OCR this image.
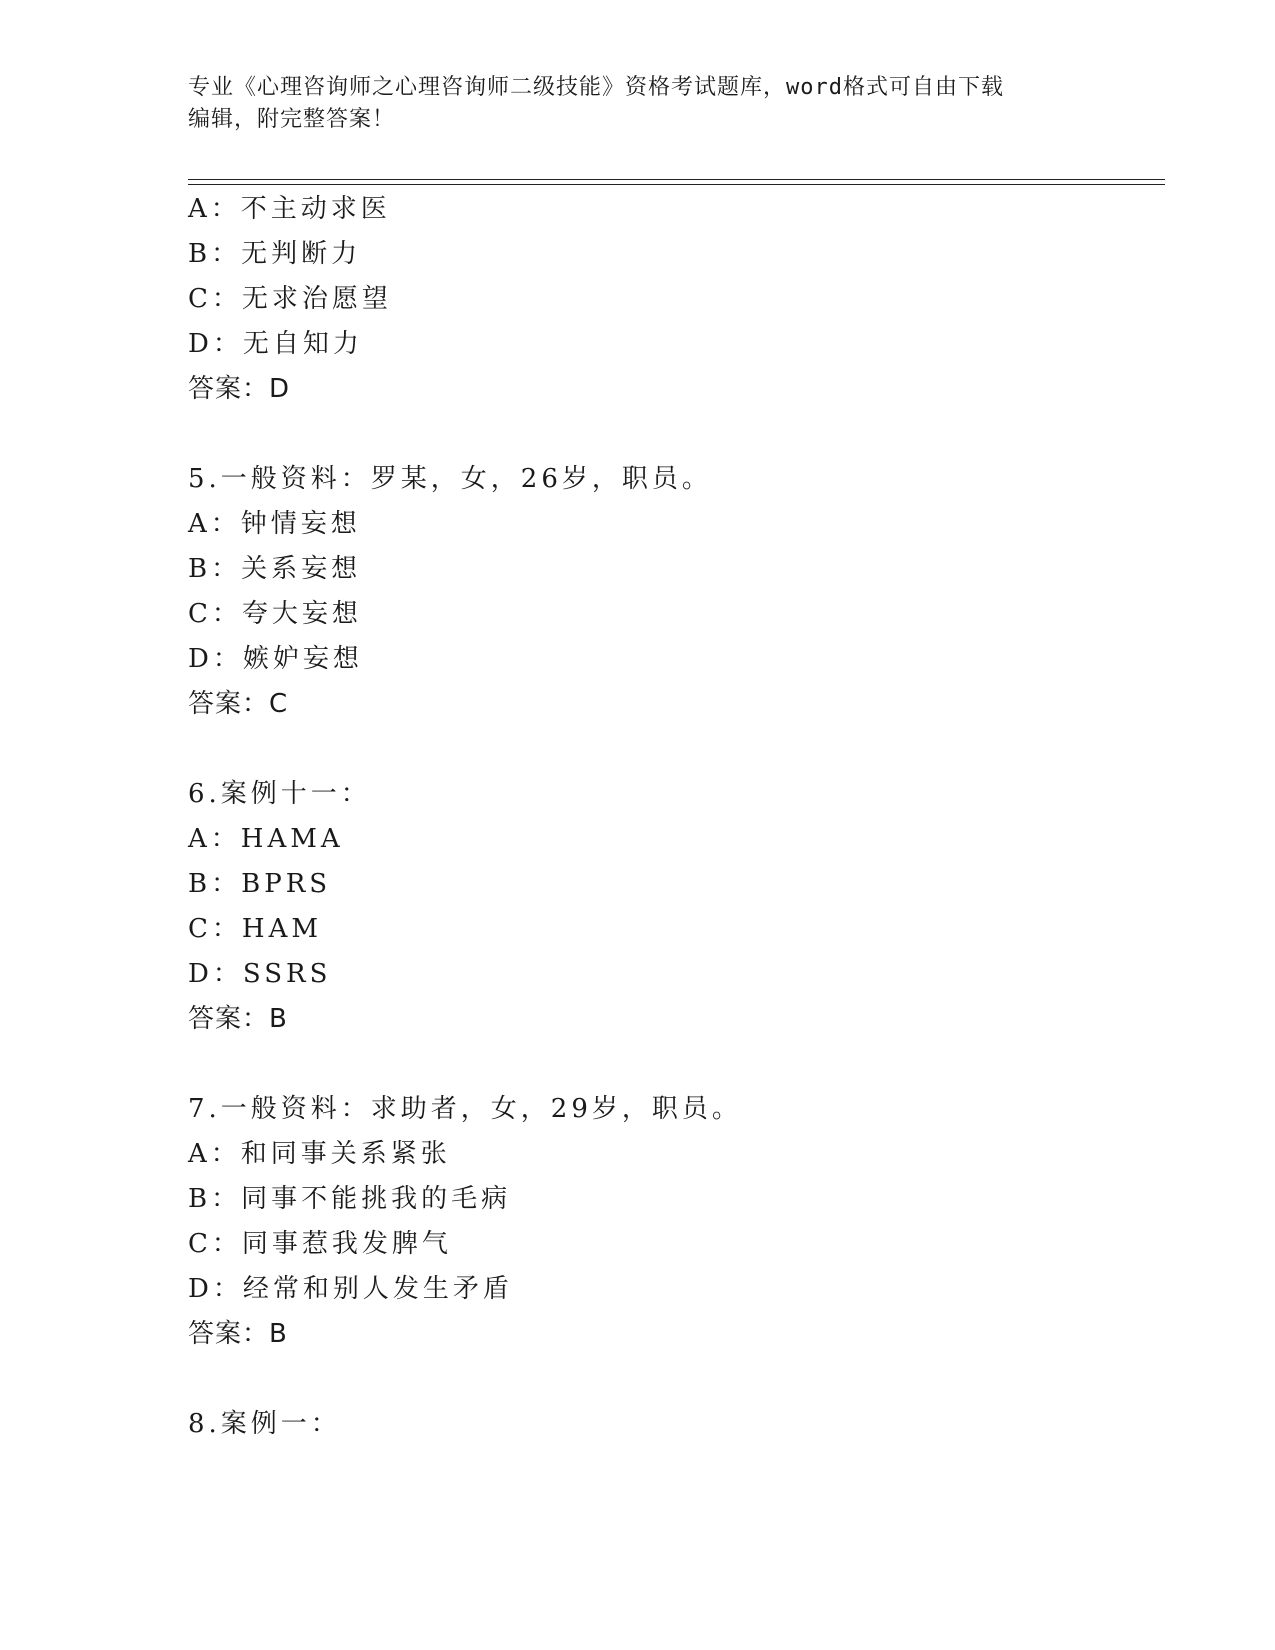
专业《心理咨询师之心理咨询师二级技能》资格考试题库，word格式可自由下载
编辑，附完整答案！
A：不主动求医
B：无判断力
C：无求治愿望
D：无自知力
答案：D
5.一般资料：罗某，女，26岁，职员。
A：钟情妄想
B：关系妄想
C：夸大妄想
D：嫉妒妄想
答案：C
6.案例十一：
A：HAMA
B：BPRS
C：HAM
D：SSRS
答案：B
7.一般资料：求助者，女，29岁，职员。
A：和同事关系紧张
B：同事不能挑我的毛病
C：同事惹我发脾气
D：经常和别人发生矛盾
答案：B
8.案例一：
